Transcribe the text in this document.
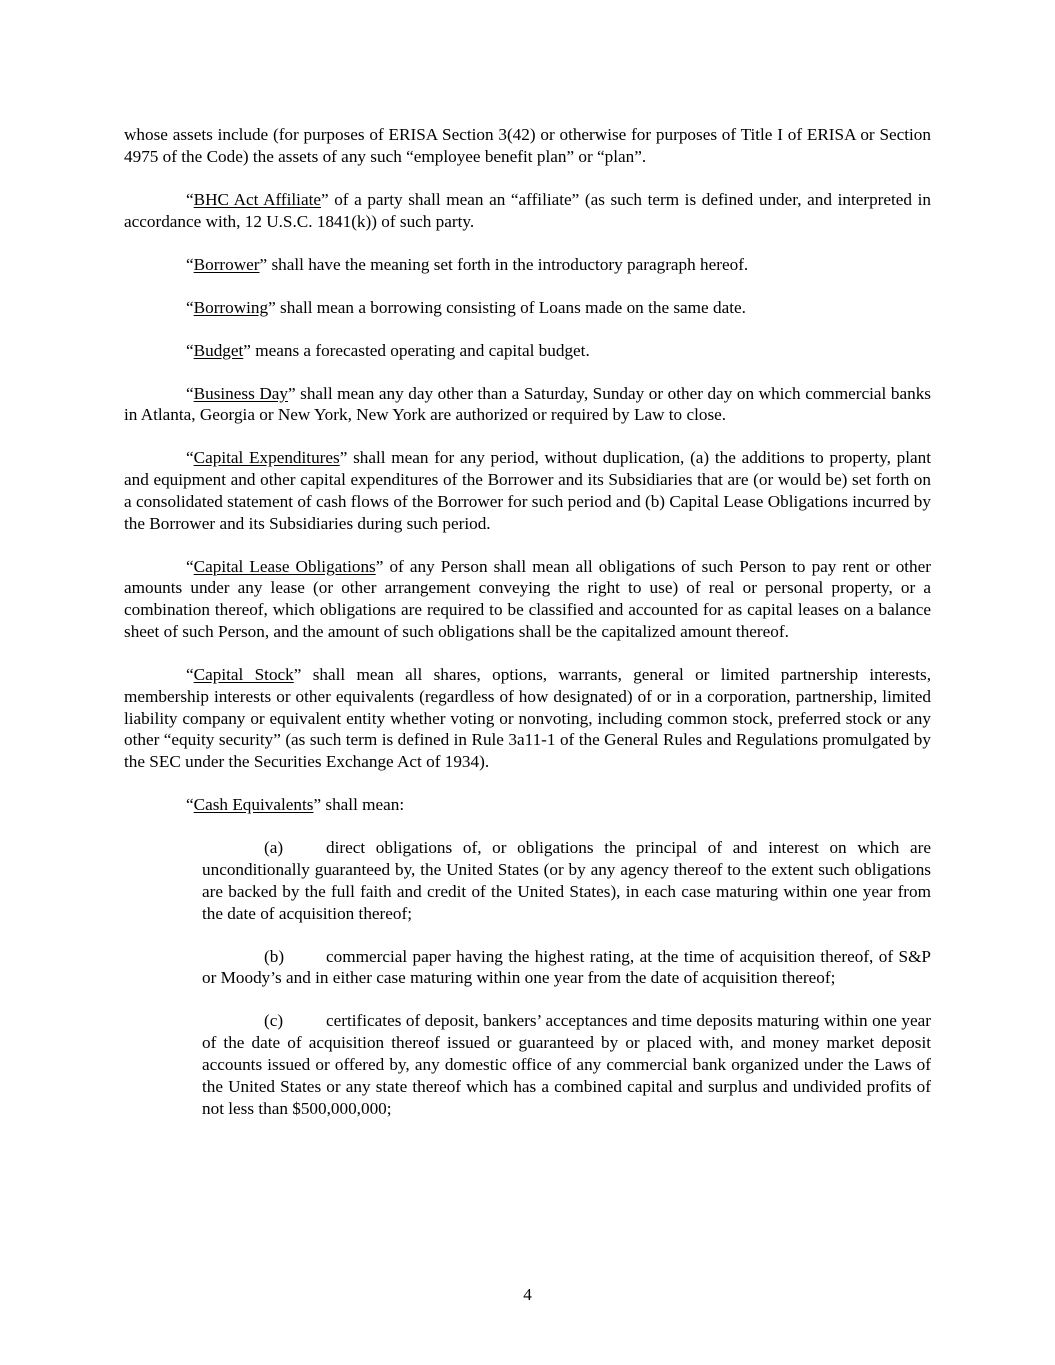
whose assets include (for purposes of ERISA Section 3(42) or otherwise for purposes of Title I of ERISA or Section 4975 of the Code) the assets of any such “employee benefit plan” or “plan”.

“BHC Act Affiliate” of a party shall mean an “affiliate” (as such term is defined under, and interpreted in accordance with, 12 U.S.C. 1841(k)) of such party.

“Borrower” shall have the meaning set forth in the introductory paragraph hereof.

“Borrowing” shall mean a borrowing consisting of Loans made on the same date.

“Budget” means a forecasted operating and capital budget.

“Business Day” shall mean any day other than a Saturday, Sunday or other day on which commercial banks in Atlanta, Georgia or New York, New York are authorized or required by Law to close.

“Capital Expenditures” shall mean for any period, without duplication, (a) the additions to property, plant and equipment and other capital expenditures of the Borrower and its Subsidiaries that are (or would be) set forth on a consolidated statement of cash flows of the Borrower for such period and (b) Capital Lease Obligations incurred by the Borrower and its Subsidiaries during such period.

“Capital Lease Obligations” of any Person shall mean all obligations of such Person to pay rent or other amounts under any lease (or other arrangement conveying the right to use) of real or personal property, or a combination thereof, which obligations are required to be classified and accounted for as capital leases on a balance sheet of such Person, and the amount of such obligations shall be the capitalized amount thereof.

“Capital Stock” shall mean all shares, options, warrants, general or limited partnership interests, membership interests or other equivalents (regardless of how designated) of or in a corporation, partnership, limited liability company or equivalent entity whether voting or nonvoting, including common stock, preferred stock or any other “equity security” (as such term is defined in Rule 3a11-1 of the General Rules and Regulations promulgated by the SEC under the Securities Exchange Act of 1934).

“Cash Equivalents” shall mean:

(a) direct obligations of, or obligations the principal of and interest on which are unconditionally guaranteed by, the United States (or by any agency thereof to the extent such obligations are backed by the full faith and credit of the United States), in each case maturing within one year from the date of acquisition thereof;

(b) commercial paper having the highest rating, at the time of acquisition thereof, of S&P or Moody’s and in either case maturing within one year from the date of acquisition thereof;

(c) certificates of deposit, bankers’ acceptances and time deposits maturing within one year of the date of acquisition thereof issued or guaranteed by or placed with, and money market deposit accounts issued or offered by, any domestic office of any commercial bank organized under the Laws of the United States or any state thereof which has a combined capital and surplus and undivided profits of not less than $500,000,000;

4
